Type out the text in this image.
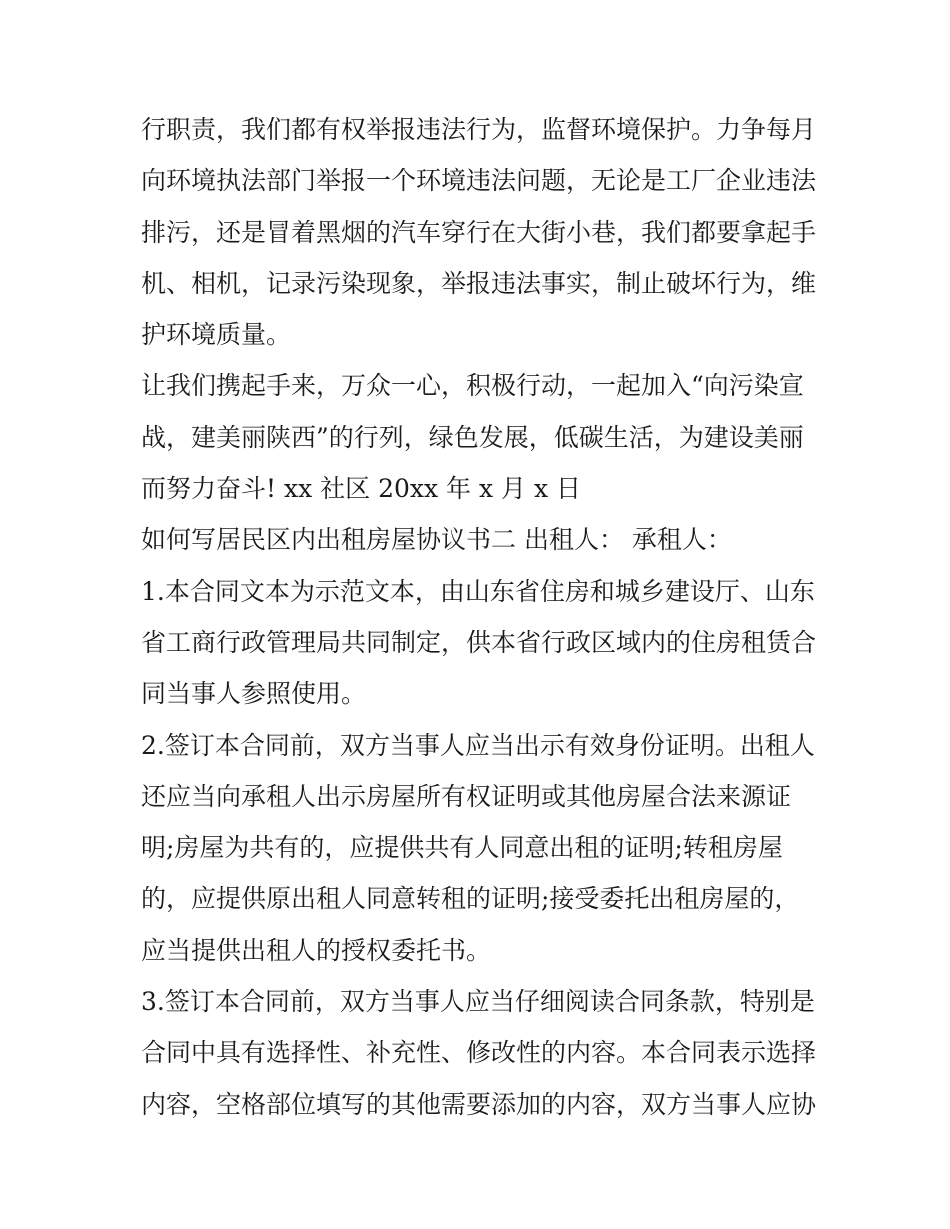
行职责，我们都有权举报违法行为，监督环境保护。力争每月
向环境执法部门举报一个环境违法问题，无论是工厂企业违法
排污，还是冒着黑烟的汽车穿行在大街小巷，我们都要拿起手
机、相机，记录污染现象，举报违法事实，制止破坏行为，维
护环境质量。
让我们携起手来，万众一心，积极行动，一起加入“向污染宣
战，建美丽陕西”的行列，绿色发展，低碳生活，为建设美丽
而努力奋斗! xx 社区 20xx 年 x 月 x 日
如何写居民区内出租房屋协议书二 出租人： 承租人：
1.本合同文本为示范文本，由山东省住房和城乡建设厅、山东
省工商行政管理局共同制定，供本省行政区域内的住房租赁合
同当事人参照使用。
2.签订本合同前，双方当事人应当出示有效身份证明。出租人
还应当向承租人出示房屋所有权证明或其他房屋合法来源证
明;房屋为共有的，应提供共有人同意出租的证明;转租房屋
的，应提供原出租人同意转租的证明;接受委托出租房屋的，
应当提供出租人的授权委托书。
3.签订本合同前，双方当事人应当仔细阅读合同条款，特别是
合同中具有选择性、补充性、修改性的内容。本合同表示选择
内容，空格部位填写的其他需要添加的内容，双方当事人应协
